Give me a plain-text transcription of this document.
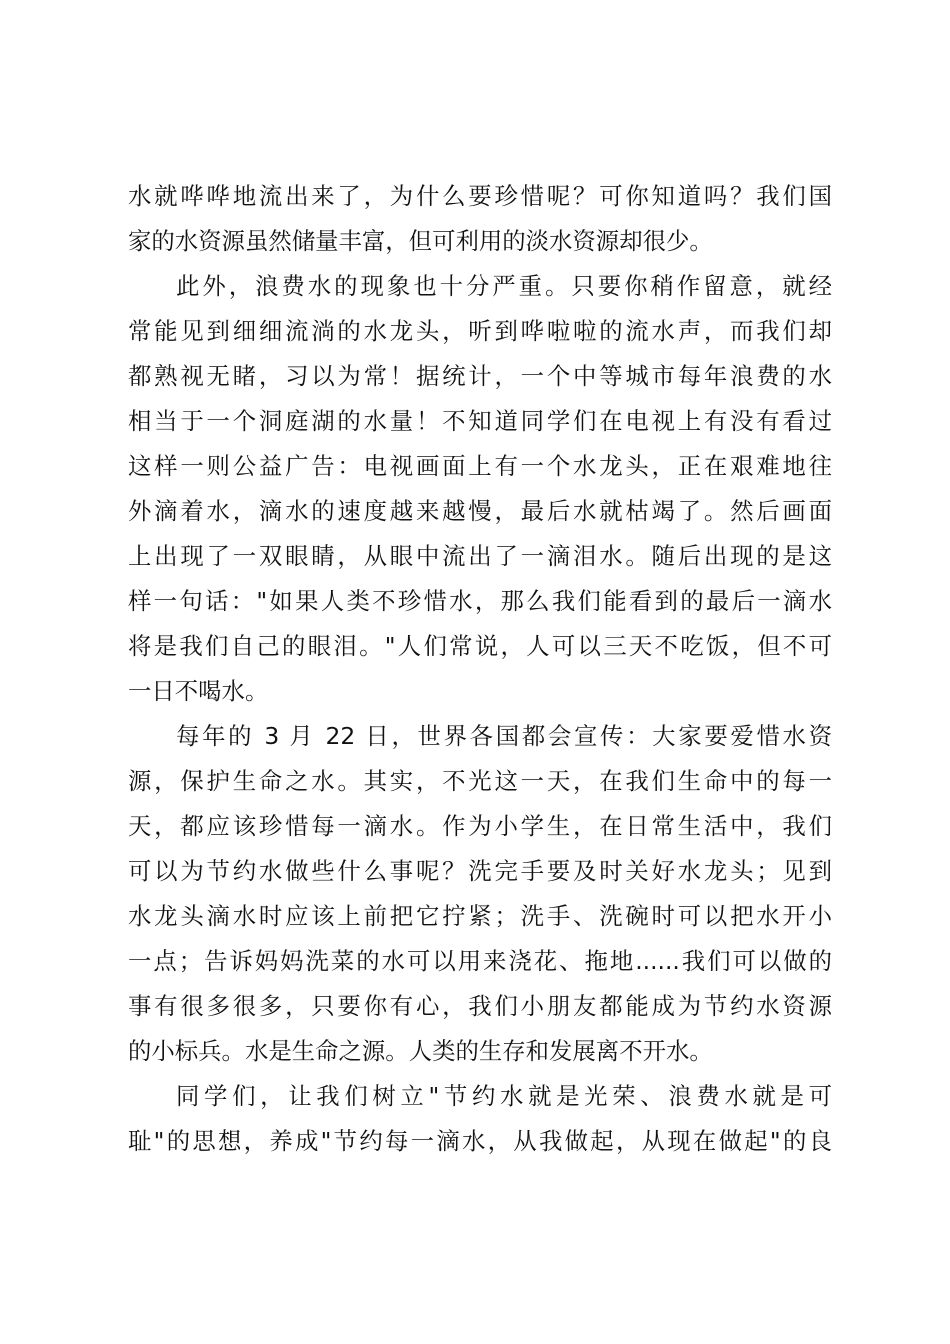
水就哗哗地流出来了，为什么要珍惜呢？可你知道吗？我们国
家的水资源虽然储量丰富，但可利用的淡水资源却很少。
此外，浪费水的现象也十分严重。只要你稍作留意，就经
常能见到细细流淌的水龙头，听到哗啦啦的流水声，而我们却
都熟视无睹，习以为常！据统计，一个中等城市每年浪费的水
相当于一个洞庭湖的水量！不知道同学们在电视上有没有看过
这样一则公益广告：电视画面上有一个水龙头，正在艰难地往
外滴着水，滴水的速度越来越慢，最后水就枯竭了。然后画面
上出现了一双眼睛，从眼中流出了一滴泪水。随后出现的是这
样一句话："如果人类不珍惜水，那么我们能看到的最后一滴水
将是我们自己的眼泪。"人们常说，人可以三天不吃饭，但不可
一日不喝水。
每年的 3 月 22 日，世界各国都会宣传：大家要爱惜水资
源，保护生命之水。其实，不光这一天，在我们生命中的每一
天，都应该珍惜每一滴水。作为小学生，在日常生活中，我们
可以为节约水做些什么事呢？洗完手要及时关好水龙头；见到
水龙头滴水时应该上前把它拧紧；洗手、洗碗时可以把水开小
一点；告诉妈妈洗菜的水可以用来浇花、拖地......我们可以做的
事有很多很多，只要你有心，我们小朋友都能成为节约水资源
的小标兵。水是生命之源。人类的生存和发展离不开水。
同学们，让我们树立"节约水就是光荣、浪费水就是可
耻"的思想，养成"节约每一滴水，从我做起，从现在做起"的良
